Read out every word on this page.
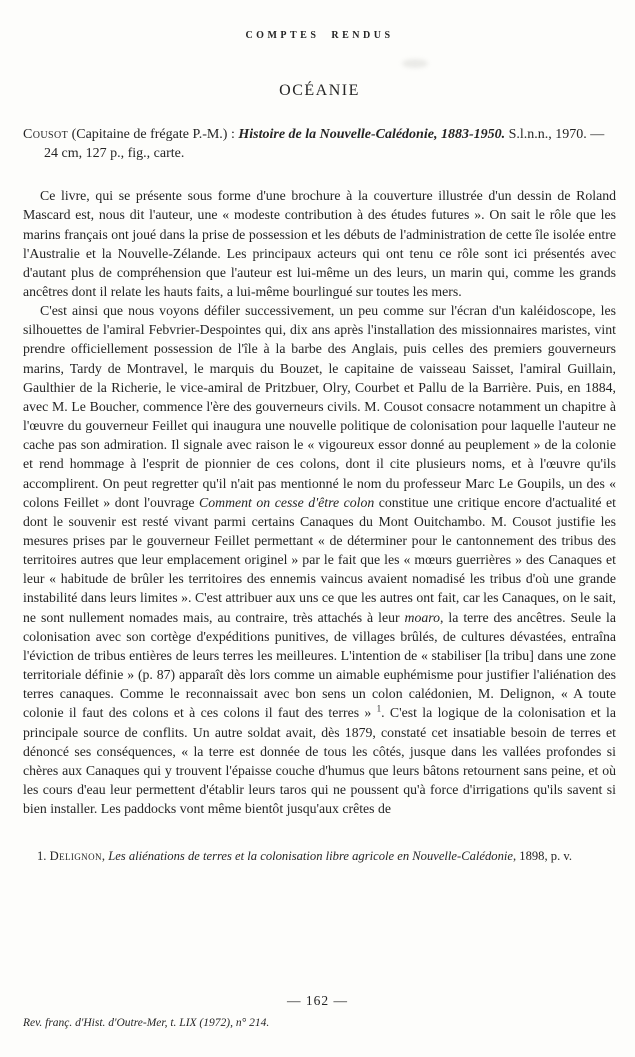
COMPTES RENDUS
OCÉANIE
Cousot (Capitaine de frégate P.-M.) : Histoire de la Nouvelle-Calédonie, 1883-1950. S.l.n.n., 1970. — 24 cm, 127 p., fig., carte.

Ce livre, qui se présente sous forme d'une brochure à la couverture illustrée d'un dessin de Roland Mascard est, nous dit l'auteur, une « modeste contribution à des études futures ». On sait le rôle que les marins français ont joué dans la prise de possession et les débuts de l'administration de cette île isolée entre l'Australie et la Nouvelle-Zélande. Les principaux acteurs qui ont tenu ce rôle sont ici présentés avec d'autant plus de compréhension que l'auteur est lui-même un des leurs, un marin qui, comme les grands ancêtres dont il relate les hauts faits, a lui-même bourlingué sur toutes les mers.

C'est ainsi que nous voyons défiler successivement, un peu comme sur l'écran d'un kaléidoscope, les silhouettes de l'amiral Febvrier-Despointes qui, dix ans après l'installation des missionnaires maristes, vint prendre officiellement possession de l'île à la barbe des Anglais, puis celles des premiers gouverneurs marins, Tardy de Montravel, le marquis du Bouzet, le capitaine de vaisseau Saisset, l'amiral Guillain, Gaulthier de la Richerie, le vice-amiral de Pritzbuer, Olry, Courbet et Pallu de la Barrière. Puis, en 1884, avec M. Le Boucher, commence l'ère des gouverneurs civils. M. Cousot consacre notamment un chapitre à l'œuvre du gouverneur Feillet qui inaugura une nouvelle politique de colonisation pour laquelle l'auteur ne cache pas son admiration. Il signale avec raison le « vigoureux essor donné au peuplement » de la colonie et rend hommage à l'esprit de pionnier de ces colons, dont il cite plusieurs noms, et à l'œuvre qu'ils accomplirent. On peut regretter qu'il n'ait pas mentionné le nom du professeur Marc Le Goupils, un des « colons Feillet » dont l'ouvrage Comment on cesse d'être colon constitue une critique encore d'actualité et dont le souvenir est resté vivant parmi certains Canaques du Mont Ouitchambo. M. Cousot justifie les mesures prises par le gouverneur Feillet permettant « de déterminer pour le cantonnement des tribus des territoires autres que leur emplacement originel » par le fait que les « mœurs guerrières » des Canaques et leur « habitude de brûler les territoires des ennemis vaincus avaient nomadisé les tribus d'où une grande instabilité dans leurs limites ». C'est attribuer aux uns ce que les autres ont fait, car les Canaques, on le sait, ne sont nullement nomades mais, au contraire, très attachés à leur moaro, la terre des ancêtres. Seule la colonisation avec son cortège d'expéditions punitives, de villages brûlés, de cultures dévastées, entraîna l'éviction de tribus entières de leurs terres les meilleures. L'intention de « stabiliser [la tribu] dans une zone territoriale définie » (p. 87) apparaît dès lors comme un aimable euphémisme pour justifier l'aliénation des terres canaques. Comme le reconnaissait avec bon sens un colon calédonien, M. Delignon, « A toute colonie il faut des colons et à ces colons il faut des terres » $^1$. C'est la logique de la colonisation et la principale source de conflits. Un autre soldat avait, dès 1879, constaté cet insatiable besoin de terres et dénoncé ses conséquences, « la terre est donnée de tous les côtés, jusque dans les vallées profondes si chères aux Canaques qui y trouvent l'épaisse couche d'humus que leurs bâtons retournent sans peine, et où les cours d'eau leur permettent d'établir leurs taros qui ne poussent qu'à force d'irrigations qu'ils savent si bien installer. Les paddocks vont même bientôt jusqu'aux crêtes de

1. Delignon, Les aliénations de terres et la colonisation libre agricole en Nouvelle-Calédonie, 1898, p. v.
— 162 —
Rev. franç. d'Hist. d'Outre-Mer, t. LIX (1972), n° 214.
